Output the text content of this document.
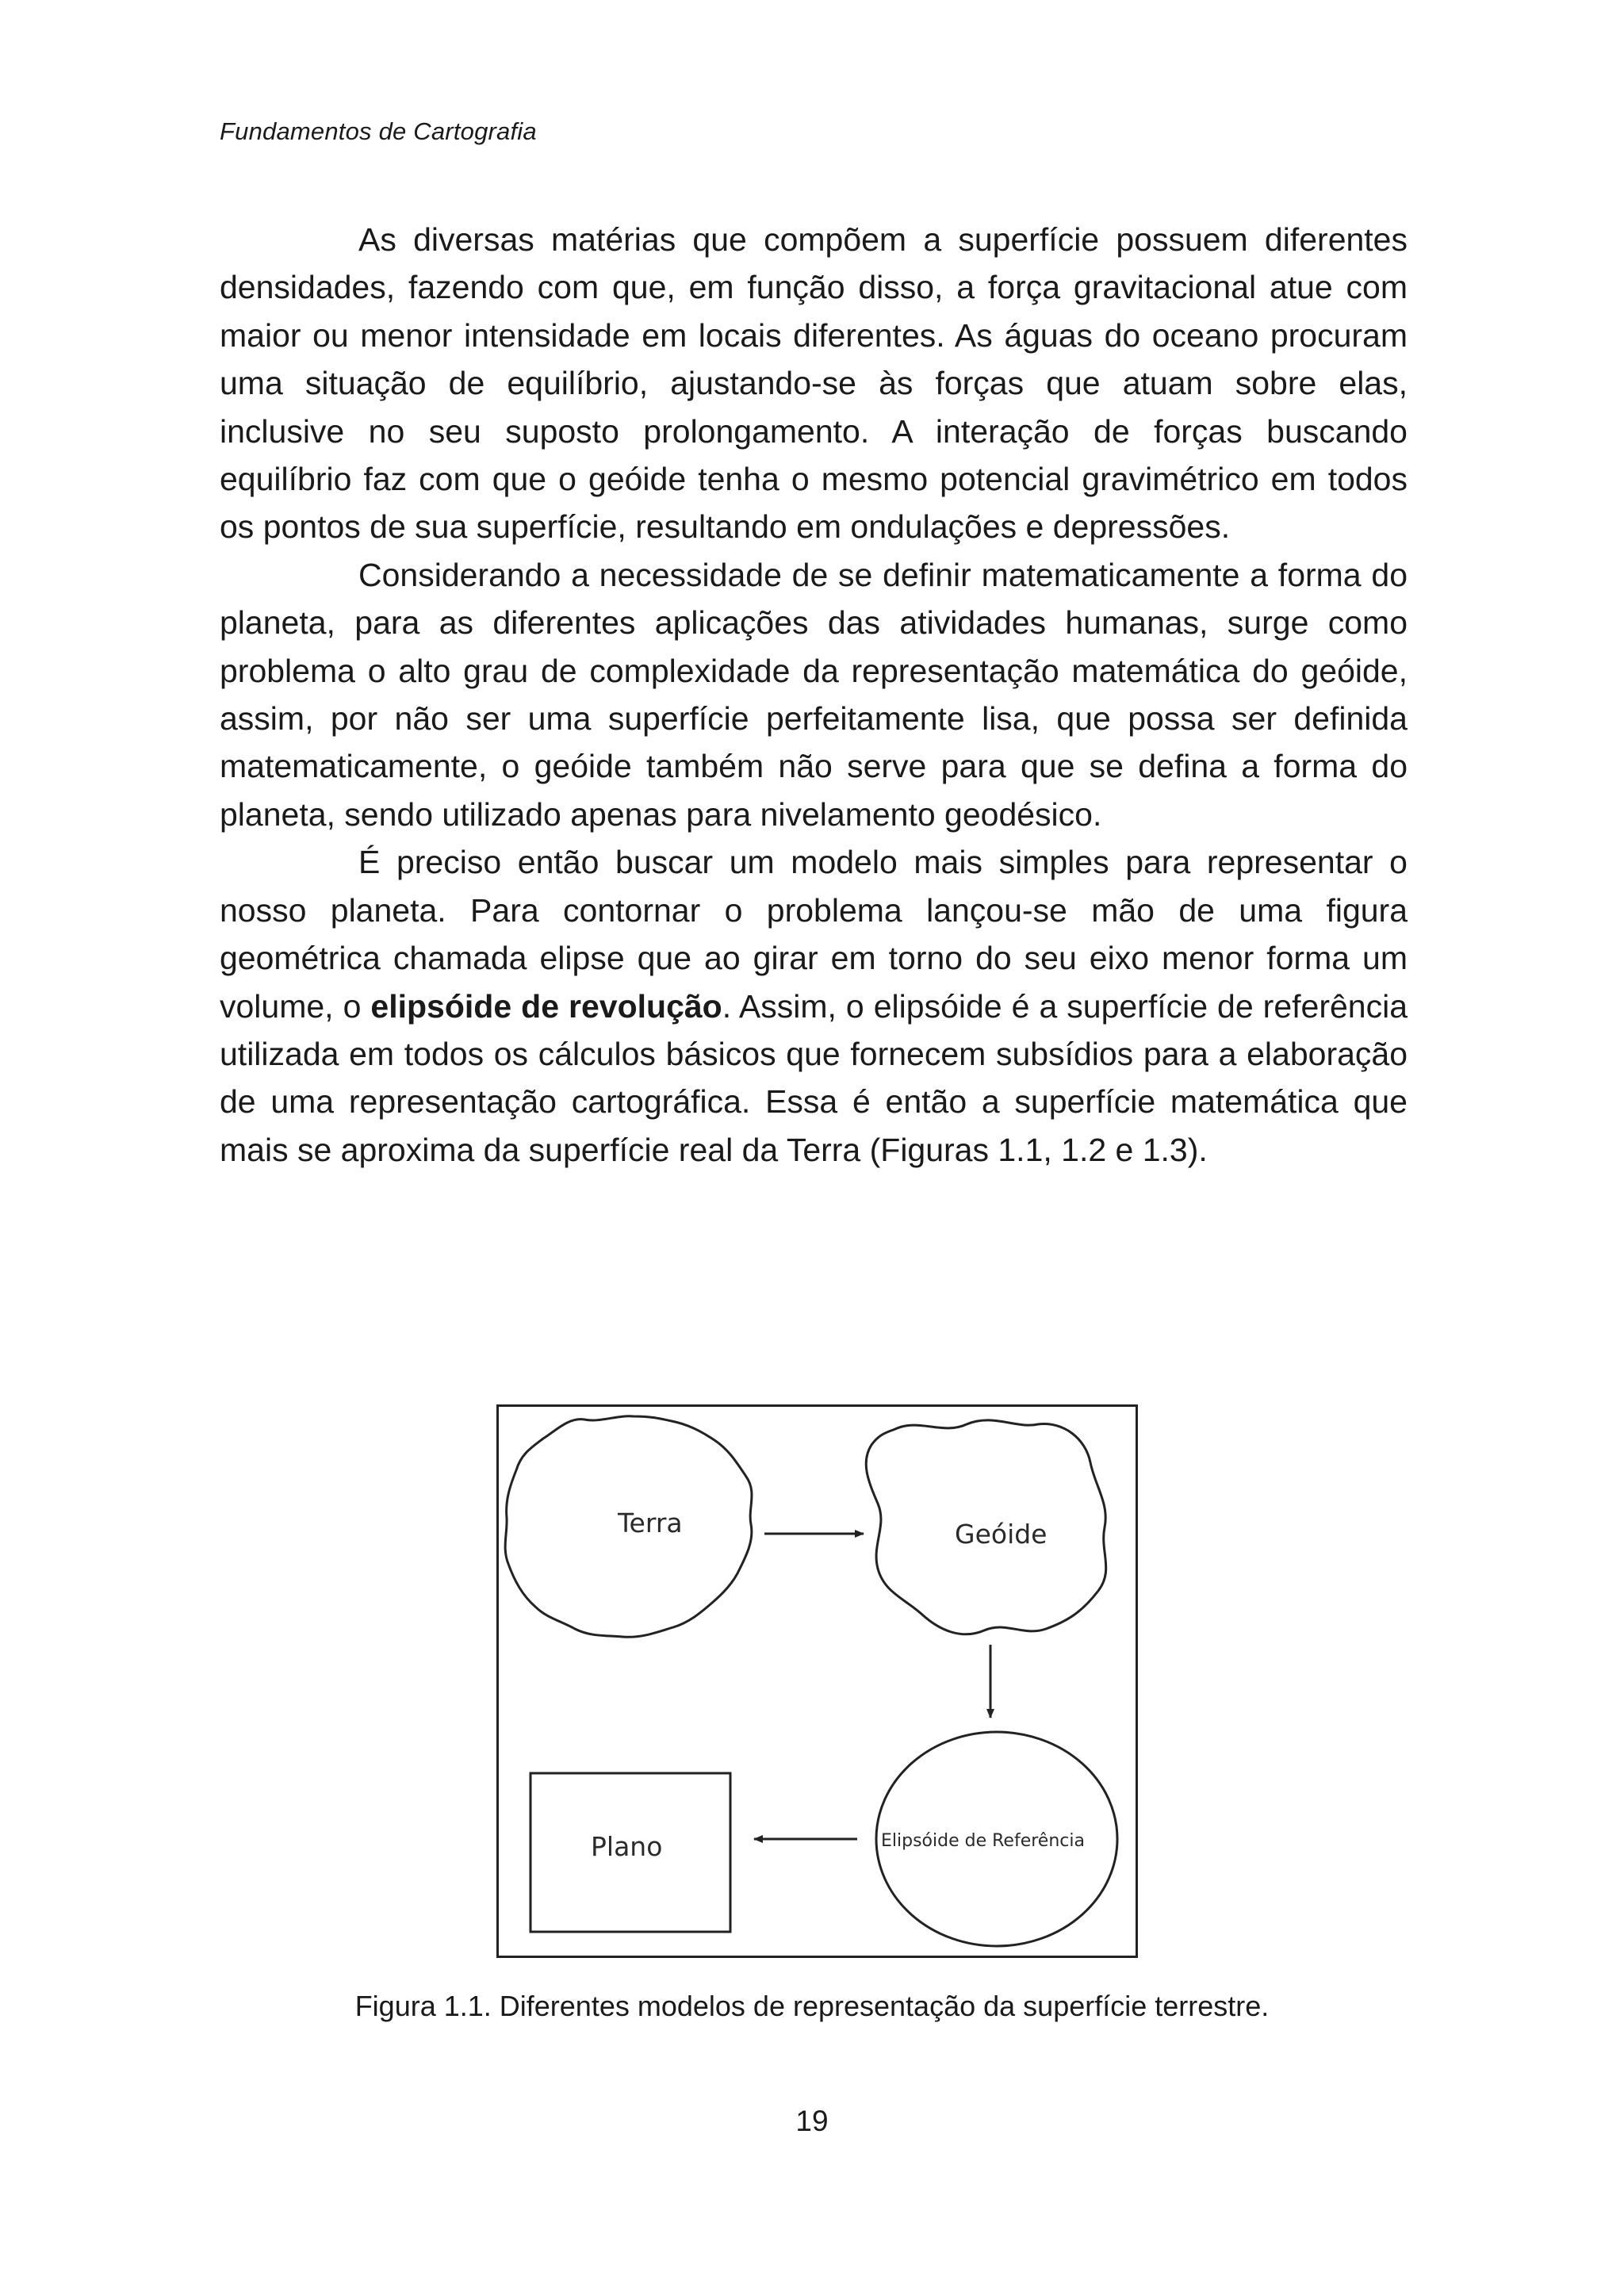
Fundamentos de Cartografia

As diversas matérias que compõem a superfície possuem diferentes densidades, fazendo com que, em função disso, a força gravitacional atue com maior ou menor intensidade em locais diferentes. As águas do oceano procuram uma situação de equilíbrio, ajustando-se às forças que atuam sobre elas, inclusive no seu suposto prolongamento. A interação de forças buscando equilíbrio faz com que o geóide tenha o mesmo potencial gravimétrico em todos os pontos de sua superfície, resultando em ondulações e depressões.

Considerando a necessidade de se definir matematicamente a forma do planeta, para as diferentes aplicações das atividades humanas, surge como problema o alto grau de complexidade da representação matemática do geóide, assim, por não ser uma superfície perfeitamente lisa, que possa ser definida matematicamente, o geóide também não serve para que se defina a forma do planeta, sendo utilizado apenas para nivelamento geodésico.

É preciso então buscar um modelo mais simples para representar o nosso planeta. Para contornar o problema lançou-se mão de uma figura geométrica chamada elipse que ao girar em torno do seu eixo menor forma um volume, o elipsóide de revolução. Assim, o elipsóide é a superfície de referência utilizada em todos os cálculos básicos que fornecem subsídios para a elaboração de uma representação cartográfica. Essa é então a superfície matemática que mais se aproxima da superfície real da Terra (Figuras 1.1, 1.2 e 1.3).

Terra	Geóide
Elipsóide de Referência
Plano
Figura 1.1. Diferentes modelos de representação da superfície terrestre.
19
